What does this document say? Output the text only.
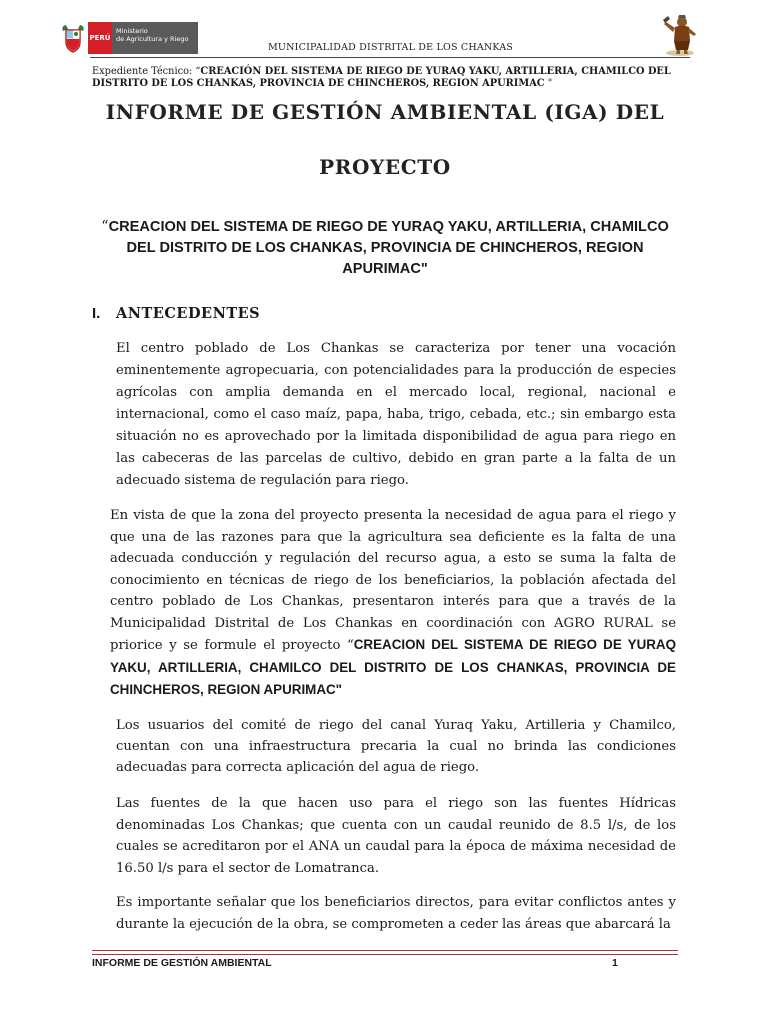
PERÚ
Ministerio
de Agricultura y Riego
MUNICIPALIDAD DISTRITAL DE LOS CHANKAS
Expediente Técnico: “CREACIÓN DEL SISTEMA DE RIEGO DE YURAQ YAKU, ARTILLERIA, CHAMILCO DEL DISTRITO DE LOS CHANKAS, PROVINCIA DE CHINCHEROS, REGION APURIMAC "
INFORME DE GESTIÓN AMBIENTAL (IGA) DEL
PROYECTO
“CREACION DEL SISTEMA DE RIEGO DE YURAQ YAKU, ARTILLERIA, CHAMILCO DEL DISTRITO DE LOS CHANKAS, PROVINCIA DE CHINCHEROS, REGION APURIMAC"
I. ANTECEDENTES
El centro poblado de Los Chankas se caracteriza por tener una vocación eminentemente agropecuaria, con potencialidades para la producción de especies agrícolas con amplia demanda en el mercado local, regional, nacional e internacional, como el caso maíz, papa, haba, trigo, cebada, etc.; sin embargo esta situación no es aprovechado por la limitada disponibilidad de agua para riego en las cabeceras de las parcelas de cultivo, debido en gran parte a la falta de un adecuado sistema de regulación para riego.
En vista de que la zona del proyecto presenta la necesidad de agua para el riego y que una de las razones para que la agricultura sea deficiente es la falta de una adecuada conducción y regulación del recurso agua, a esto se suma la falta de conocimiento en técnicas de riego de los beneficiarios, la población afectada del centro poblado de Los Chankas, presentaron interés para que a través de la Municipalidad Distrital de Los Chankas en coordinación con AGRO RURAL se priorice y se formule el proyecto “CREACION DEL SISTEMA DE RIEGO DE YURAQ YAKU, ARTILLERIA, CHAMILCO DEL DISTRITO DE LOS CHANKAS, PROVINCIA DE CHINCHEROS, REGION APURIMAC"
Los usuarios del comité de riego del canal Yuraq Yaku, Artilleria y Chamilco, cuentan con una infraestructura precaria la cual no brinda las condiciones adecuadas para correcta aplicación del agua de riego.
Las fuentes de la que hacen uso para el riego son las fuentes Hídricas denominadas Los Chankas; que cuenta con un caudal reunido de 8.5 l/s, de los cuales se acreditaron por el ANA un caudal para la época de máxima necesidad de 16.50 l/s para el sector de Lomatranca.
Es importante señalar que los beneficiarios directos, para evitar conflictos antes y durante la ejecución de la obra, se comprometen a ceder las áreas que abarcará la
INFORME DE GESTIÓN AMBIENTAL	1
